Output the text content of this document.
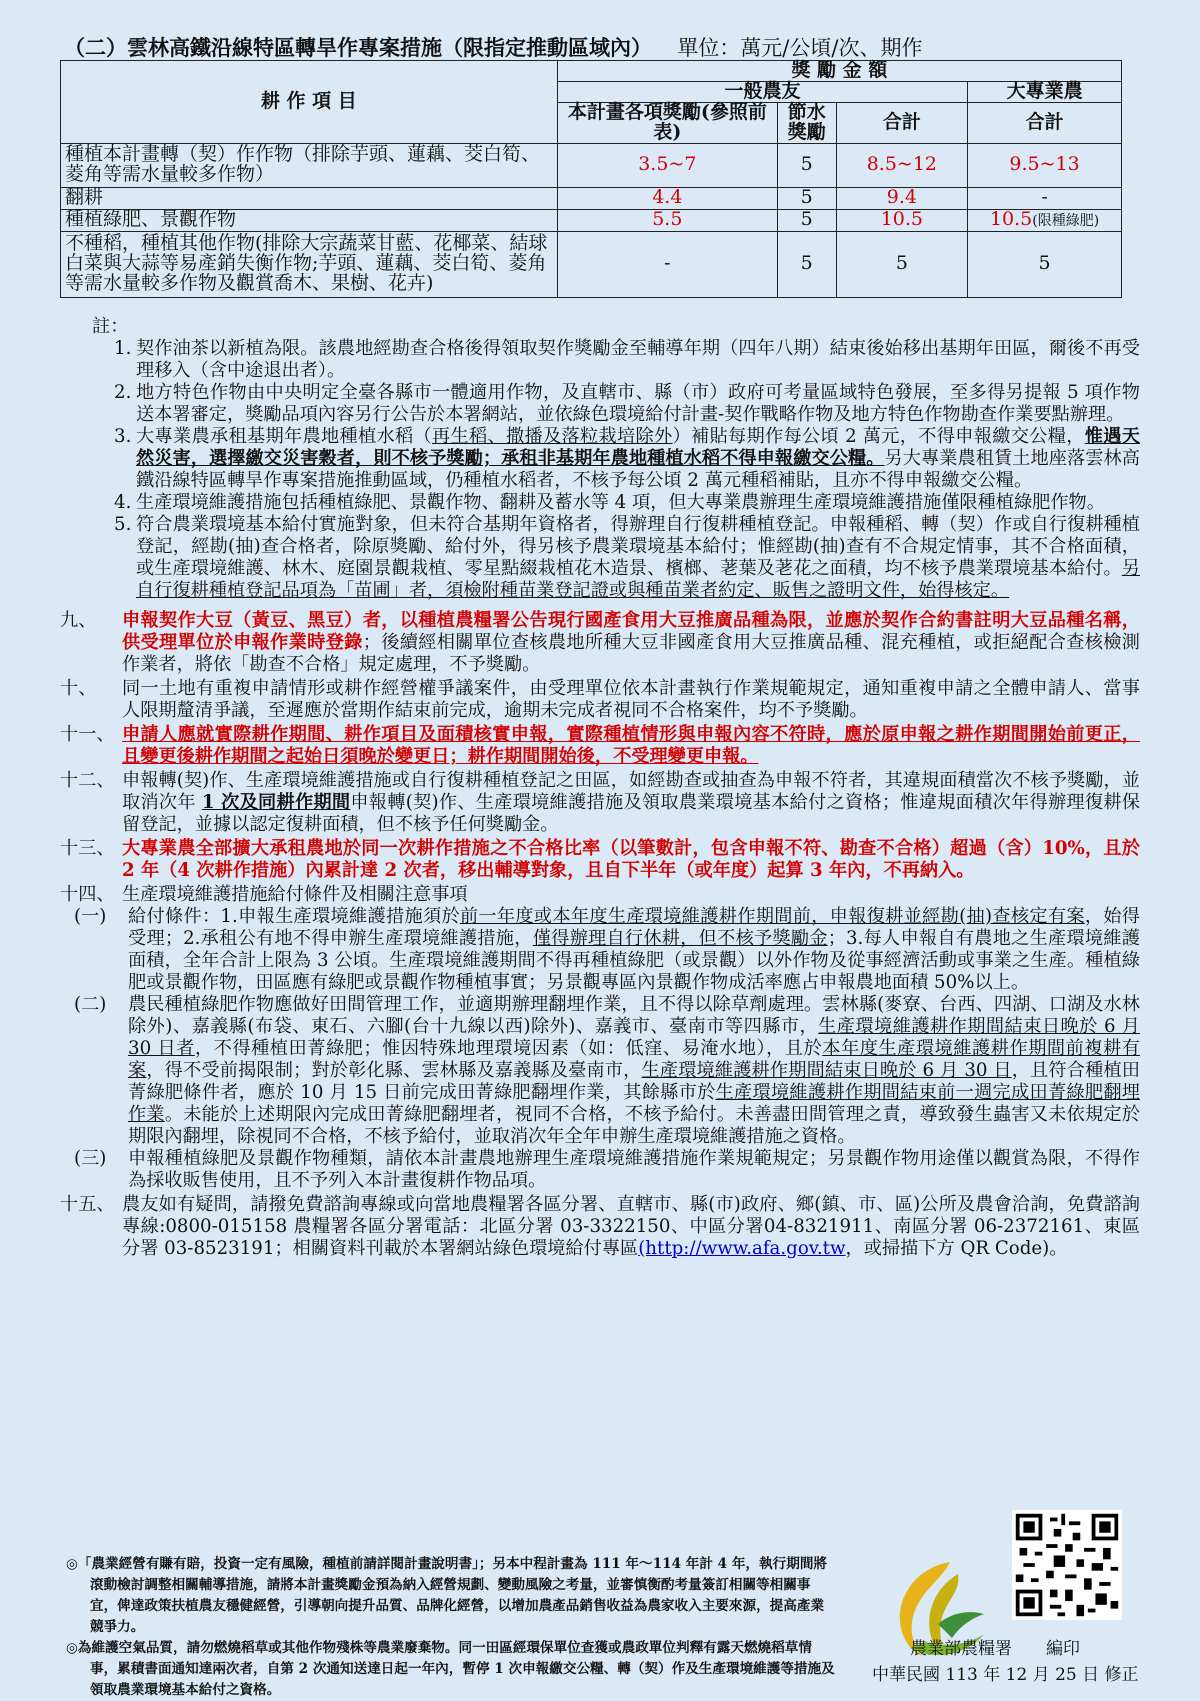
（二）雲林高鐵沿線特區轉旱作專案措施（限指定推動區域內） 單位：萬元/公頃/次、期作
耕 作 項 目	獎 勵 金 額			
	一般農友			大專業農
	本計畫各項獎勵(參照前表)	節水獎勵	合計	合計
種植本計畫轉（契）作作物（排除芋頭、蓮藕、茭白筍、菱角等需水量較多作物）	3.5~7	5	8.5~12	9.5~13
翻耕	4.4	5	9.4	-
種植綠肥、景觀作物	5.5	5	10.5	10.5(限種綠肥)
不種稻，種植其他作物(排除大宗蔬菜甘藍、花椰菜、結球白菜與大蒜等易產銷失衡作物;芋頭、蓮藕、茭白筍、菱角等需水量較多作物及觀賞喬木、果樹、花卉)	-	5	5	5
註：
1. 契作油茶以新植為限。該農地經勘查合格後得領取契作獎勵金至輔導年期（四年八期）結束後始移出基期年田區，爾後不再受理移入（含中途退出者）。
2. 地方特色作物由中央明定全臺各縣市一體適用作物，及直轄市、縣（市）政府可考量區域特色發展，至多得另提報 5 項作物送本署審定，獎勵品項內容另行公告於本署網站，並依綠色環境給付計畫-契作戰略作物及地方特色作物勘查作業要點辦理。
3. 大專業農承租基期年農地種植水稻（再生稻、撒播及落粒栽培除外）補貼每期作每公頃 2 萬元，不得申報繳交公糧，惟遇天然災害，選擇繳交災害穀者，則不核予獎勵；承租非基期年農地種植水稻不得申報繳交公糧。另大專業農租賃土地座落雲林高鐵沿線特區轉旱作專案措施推動區域，仍種植水稻者，不核予每公頃 2 萬元種稻補貼，且亦不得申報繳交公糧。
4. 生產環境維護措施包括種植綠肥、景觀作物、翻耕及蓄水等 4 項，但大專業農辦理生產環境維護措施僅限種植綠肥作物。
5. 符合農業環境基本給付實施對象，但未符合基期年資格者，得辦理自行復耕種植登記。申報種稻、轉（契）作或自行復耕種植登記，經勘(抽)查合格者，除原獎勵、給付外，得另核予農業環境基本給付；惟經勘(抽)查有不合規定情事，其不合格面積，或生產環境維護、林木、庭園景觀栽植、零星點綴栽植花木造景、檳榔、荖葉及荖花之面積，均不核予農業環境基本給付。另自行復耕種植登記品項為「苗圃」者，須檢附種苗業登記證或與種苗業者約定、販售之證明文件，始得核定。
九、 申報契作大豆（黃豆、黑豆）者，以種植農糧署公告現行國產食用大豆推廣品種為限，並應於契作合約書註明大豆品種名稱，供受理單位於申報作業時登錄；後續經相關單位查核農地所種大豆非國產食用大豆推廣品種、混充種植，或拒絕配合查核檢測作業者，將依「勘查不合格」規定處理，不予獎勵。
十、 同一土地有重複申請情形或耕作經營權爭議案件，由受理單位依本計畫執行作業規範規定，通知重複申請之全體申請人、當事人限期釐清爭議，至遲應於當期作結束前完成，逾期未完成者視同不合格案件，均不予獎勵。
十一、 申請人應就實際耕作期間、耕作項目及面積核實申報，實際種植情形與申報內容不符時，應於原申報之耕作期間開始前更正，且變更後耕作期間之起始日須晚於變更日；耕作期間開始後，不受理變更申報。
十二、 申報轉(契)作、生產環境維護措施或自行復耕種植登記之田區，如經勘查或抽查為申報不符者，其違規面積當次不核予獎勵，並取消次年 1 次及同耕作期間申報轉(契)作、生產環境維護措施及領取農業環境基本給付之資格；惟違規面積次年得辦理復耕保留登記，並據以認定復耕面積，但不核予任何獎勵金。
十三、 大專業農全部擴大承租農地於同一次耕作措施之不合格比率（以筆數計，包含申報不符、勘查不合格）超過（含）10%，且於 2 年（4 次耕作措施）內累計達 2 次者，移出輔導對象，且自下半年（或年度）起算 3 年內，不再納入。
十四、 生產環境維護措施給付條件及相關注意事項
(一) 給付條件：1.申報生產環境維護措施須於前一年度或本年度生產環境維護耕作期間前，申報復耕並經勘(抽)查核定有案，始得受理；2.承租公有地不得申辦生產環境維護措施，僅得辦理自行休耕，但不核予獎勵金；3.每人申報自有農地之生產環境維護面積，全年合計上限為 3 公頃。生產環境維護期間不得再種植綠肥（或景觀）以外作物及從事經濟活動或事業之生產。種植綠肥或景觀作物，田區應有綠肥或景觀作物種植事實；另景觀專區內景觀作物成活率應占申報農地面積 50%以上。
(二) 農民種植綠肥作物應做好田間管理工作，並適期辦理翻埋作業，且不得以除草劑處理。雲林縣(麥寮、台西、四湖、口湖及水林除外)、嘉義縣(布袋、東石、六腳(台十九線以西)除外)、嘉義市、臺南市等四縣市，生產環境維護耕作期間結束日晚於 6 月 30 日者，不得種植田菁綠肥；惟因特殊地理環境因素（如：低窪、易淹水地），且於本年度生產環境維護耕作期間前複耕有案，得不受前揭限制；對於彰化縣、雲林縣及嘉義縣及臺南市，生產環境維護耕作期間結束日晚於 6 月 30 日，且符合種植田菁綠肥條件者，應於 10 月 15 日前完成田菁綠肥翻埋作業，其餘縣市於生產環境維護耕作期間結束前一週完成田菁綠肥翻埋作業。未能於上述期限內完成田菁綠肥翻埋者，視同不合格，不核予給付。未善盡田間管理之責，導致發生蟲害又未依規定於期限內翻埋，除視同不合格，不核予給付，並取消次年全年申辦生產環境維護措施之資格。
(三) 申報種植綠肥及景觀作物種類，請依本計畫農地辦理生產環境維護措施作業規範規定；另景觀作物用途僅以觀賞為限，不得作為採收販售使用，且不予列入本計畫復耕作物品項。
十五、 農友如有疑問，請撥免費諮詢專線或向當地農糧署各區分署、直轄市、縣(市)政府、鄉(鎮、市、區)公所及農會洽詢，免費諮詢專線:0800-015158 農糧署各區分署電話：北區分署 03-3322150、中區分署04-8321911、南區分署 06-2372161、東區分署 03-8523191；相關資料刊載於本署網站綠色環境給付專區(http://www.afa.gov.tw，或掃描下方 QR Code)。

◎「農業經營有賺有賠，投資一定有風險，種植前請詳閱計畫說明書」；另本中程計畫為 111 年～114 年計 4 年，執行期間將滾動檢討調整相關輔導措施，請將本計畫獎勵金預為納入經營規劃、變動風險之考量，並審慎衡酌考量簽訂相關等相關事宜，俾達政策扶植農友穩健經營，引導朝向提升品質、品牌化經營，以增加農產品銷售收益為農家收入主要來源，提高產業競爭力。

◎為維護空氣品質，請勿燃燒稻草或其他作物殘株等農業廢棄物。同一田區經環保單位查獲或農政單位判釋有露天燃燒稻草情事，累積書面通知達兩次者，自第 2 次通知送達日起一年內，暫停 1 次申報繳交公糧、轉（契）作及生產環境維護等措施及領取農業環境基本給付之資格。

農業部農糧署　　編印
中華民國 113 年 12 月 25 日 修正
